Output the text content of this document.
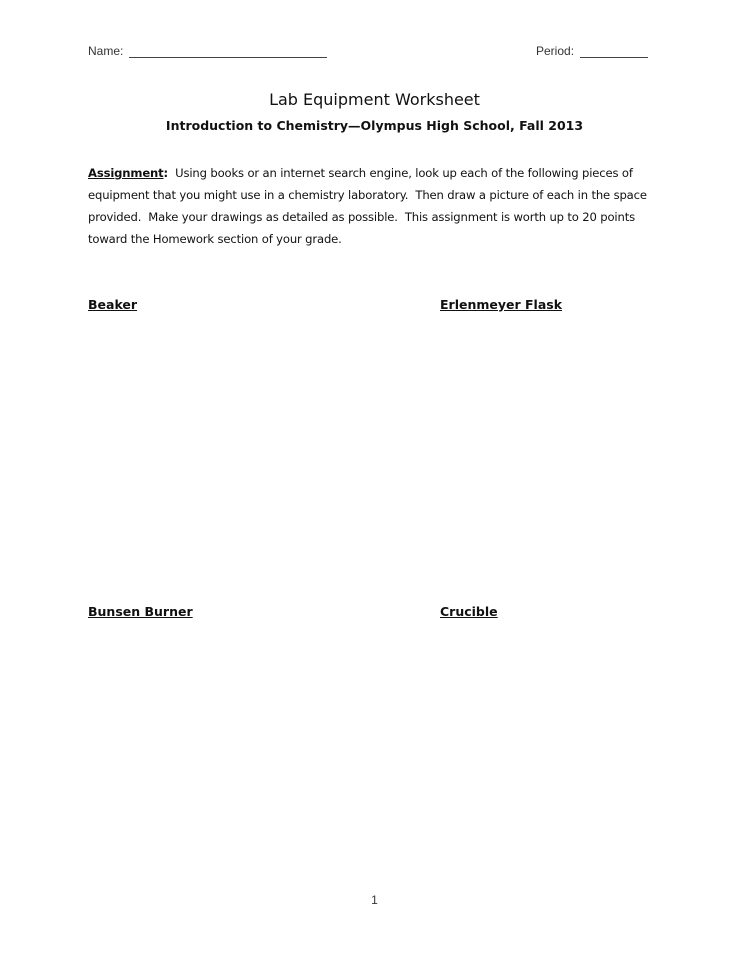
Name:	Period:
Lab Equipment Worksheet
Introduction to Chemistry—Olympus High School, Fall 2013
Assignment:  Using books or an internet search engine, look up each of the following pieces of equipment that you might use in a chemistry laboratory.  Then draw a picture of each in the space provided.  Make your drawings as detailed as possible.  This assignment is worth up to 20 points toward the Homework section of your grade.
Beaker	Erlenmeyer Flask
Bunsen Burner	Crucible
1
